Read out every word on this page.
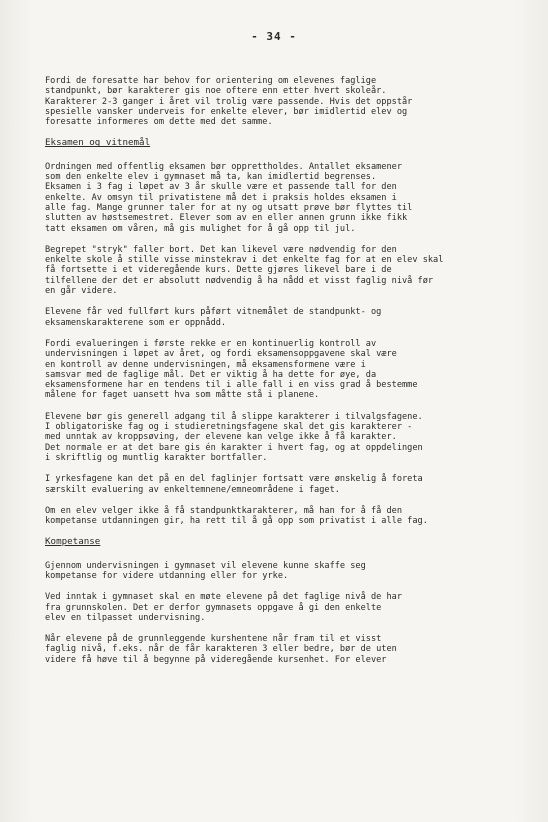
- 34 -

Fordi de foresatte har behov for orientering om elevenes faglige
standpunkt, bør karakterer gis noe oftere enn etter hvert skoleår.
Karakterer 2-3 ganger i året vil trolig være passende. Hvis det oppstår
spesielle vansker underveis for enkelte elever, bør imidlertid elev og
foresatte informeres om dette med det samme.

Eksamen og vitnemål

Ordningen med offentlig eksamen bør opprettholdes. Antallet eksamener
som den enkelte elev i gymnaset må ta, kan imidlertid begrenses.
Eksamen i 3 fag i løpet av 3 år skulle være et passende tall for den
enkelte. Av omsyn til privatistene må det i praksis holdes eksamen i
alle fag. Mange grunner taler for at ny og utsatt prøve bør flyttes til
slutten av høstsemestret. Elever som av en eller annen grunn ikke fikk
tatt eksamen om våren, må gis mulighet for å gå opp til jul.

Begrepet "stryk" faller bort. Det kan likevel være nødvendig for den
enkelte skole å stille visse minstekrav i det enkelte fag for at en elev skal
få fortsette i et videregående kurs. Dette gjøres likevel bare i de
tilfellene der det er absolutt nødvendig å ha nådd et visst faglig nivå før
en går videre.

Elevene får ved fullført kurs påført vitnemålet de standpunkt- og
eksamenskarakterene som er oppnådd.

Fordi evalueringen i første rekke er en kontinuerlig kontroll av
undervisningen i løpet av året, og fordi eksamensoppgavene skal være
en kontroll av denne undervisningen, må eksamensformene være i
samsvar med de faglige mål. Det er viktig å ha dette for øye, da
eksamensformene har en tendens til i alle fall i en viss grad å bestemme
målene for faget uansett hva som måtte stå i planene.

Elevene bør gis generell adgang til å slippe karakterer i tilvalgsfagene.
I obligatoriske fag og i studieretningsfagene skal det gis karakterer -
med unntak av kroppsøving, der elevene kan velge ikke å få karakter.
Det normale er at det bare gis én karakter i hvert fag, og at oppdelingen
i skriftlig og muntlig karakter bortfaller.

I yrkesfagene kan det på en del faglinjer fortsatt være ønskelig å foreta
særskilt evaluering av enkeltemnene/emneområdene i faget.

Om en elev velger ikke å få standpunktkarakterer, må han for å få den
kompetanse utdanningen gir, ha rett til å gå opp som privatist i alle fag.

Kompetanse

Gjennom undervisningen i gymnaset vil elevene kunne skaffe seg
kompetanse for videre utdanning eller for yrke.

Ved inntak i gymnaset skal en møte elevene på det faglige nivå de har
fra grunnskolen. Det er derfor gymnasets oppgave å gi den enkelte
elev en tilpasset undervisning.

Når elevene på de grunnleggende kurshentene når fram til et visst
faglig nivå, f.eks. når de får karakteren 3 eller bedre, bør de uten
videre få høve til å begynne på videregående kursenhet. For elever
